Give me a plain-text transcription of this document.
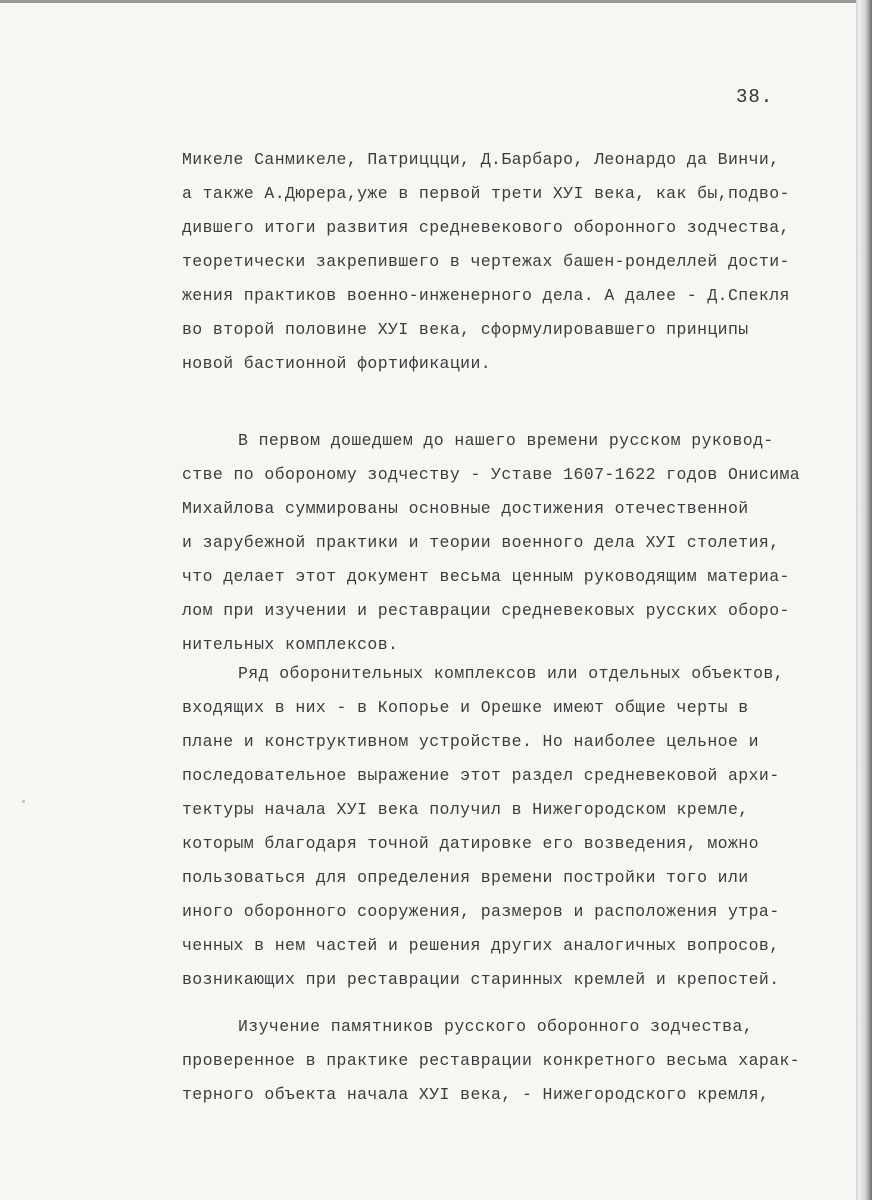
38.
Микеле Санмикеле, Патриццци, Д.Барбаро, Леонардо да Винчи,
а также А.Дюрера,уже в первой трети XУI века, как бы,подво-
дившего итоги развития средневекового оборонного зодчества,
теоретически закрепившего в чертежах башен-ронделлей дости-
жения практиков военно-инженерного дела. А далее - Д.Спекля
во второй половине XУI века, сформулировавшего принципы
новой бастионной фортификации.
В первом дошедшем до нашего времени русском руковод-
стве по обороному зодчеству - Уставе 1607-1622 годов Онисима
Михайлова суммированы основные достижения отечественной
и зарубежной практики и теории военного дела XУI столетия,
что делает этот документ весьма ценным руководящим материа-
лом при изучении и реставрации средневековых русских оборо-
нительных комплексов.
Ряд оборонительных комплексов или отдельных объектов,
входящих в них - в Копорье и Орешке имеют общие черты в
плане и конструктивном устройстве. Но наиболее цельное и
последовательное выражение этот раздел средневековой архи-
тектуры начала XУI века получил в Нижегородском кремле,
которым благодаря точной датировке его возведения, можно
пользоваться для определения времени постройки того или
иного оборонного сооружения, размеров и расположения утра-
ченных в нем частей и решения других аналогичных вопросов,
возникающих при реставрации старинных кремлей и крепостей.
Изучение памятников русского оборонного зодчества,
проверенное в практике реставрации конкретного весьма харак-
терного объекта начала XУI века, - Нижегородского кремля,
